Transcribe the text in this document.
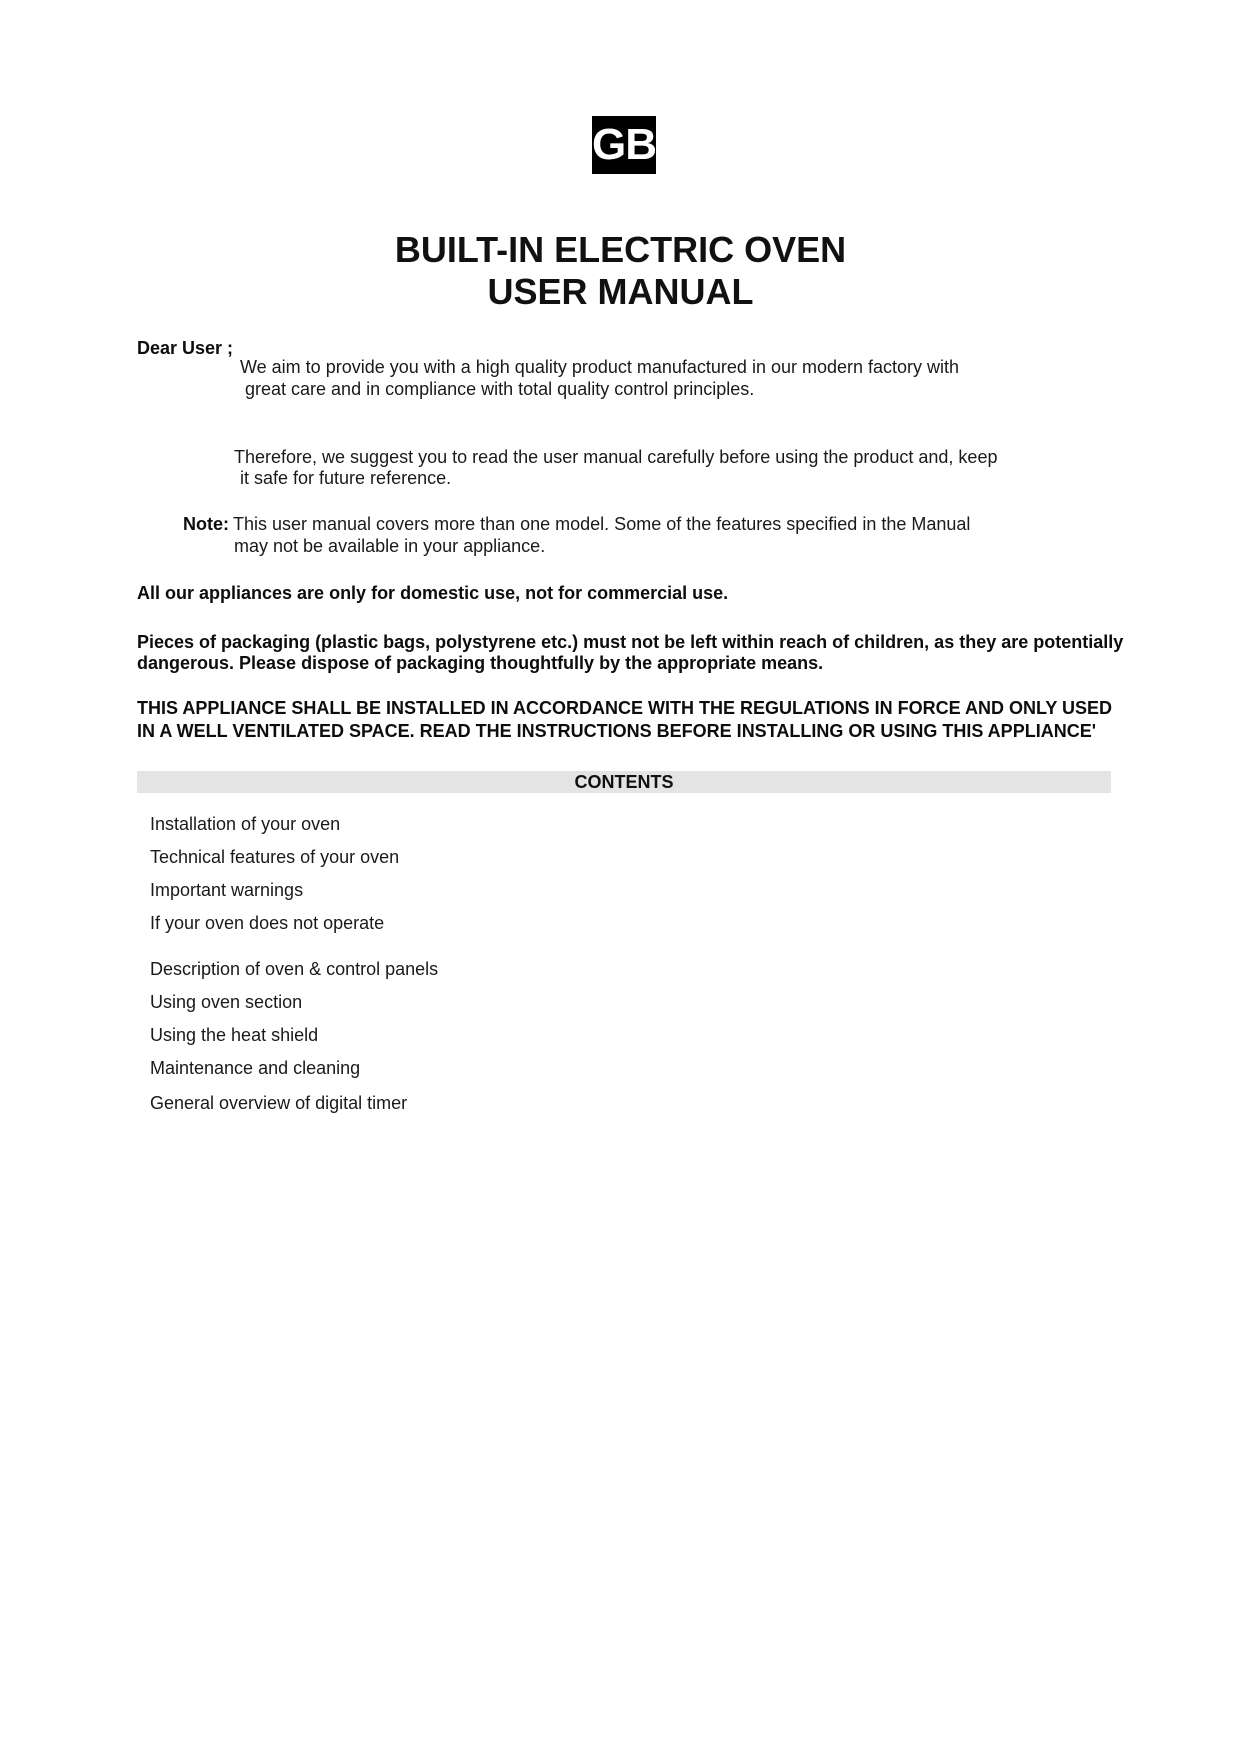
GB
BUILT-IN ELECTRIC OVEN
USER MANUAL
Dear User ;
We aim to provide you with a high quality product manufactured in our modern factory with
great care and in compliance with total quality control principles.
Therefore, we suggest you to read the user manual carefully before using the product and, keep
it safe for future reference.
Note: This user manual covers more than one model. Some of the features specified in the Manual
may not be available in your appliance.
All our appliances are only for domestic use, not for commercial use.
Pieces of packaging (plastic bags, polystyrene etc.) must not be left within reach of children, as they are potentially
dangerous. Please dispose of packaging thoughtfully by the appropriate means.
THIS APPLIANCE SHALL BE INSTALLED IN ACCORDANCE WITH THE REGULATIONS IN FORCE AND ONLY USED
IN A WELL VENTILATED SPACE. READ THE INSTRUCTIONS BEFORE INSTALLING OR USING THIS APPLIANCE'
CONTENTS
Installation of your oven
Technical features of your oven
Important warnings
If your oven does not operate
Description of oven & control panels
Using oven section
Using the heat shield
Maintenance and cleaning
General overview of digital timer
